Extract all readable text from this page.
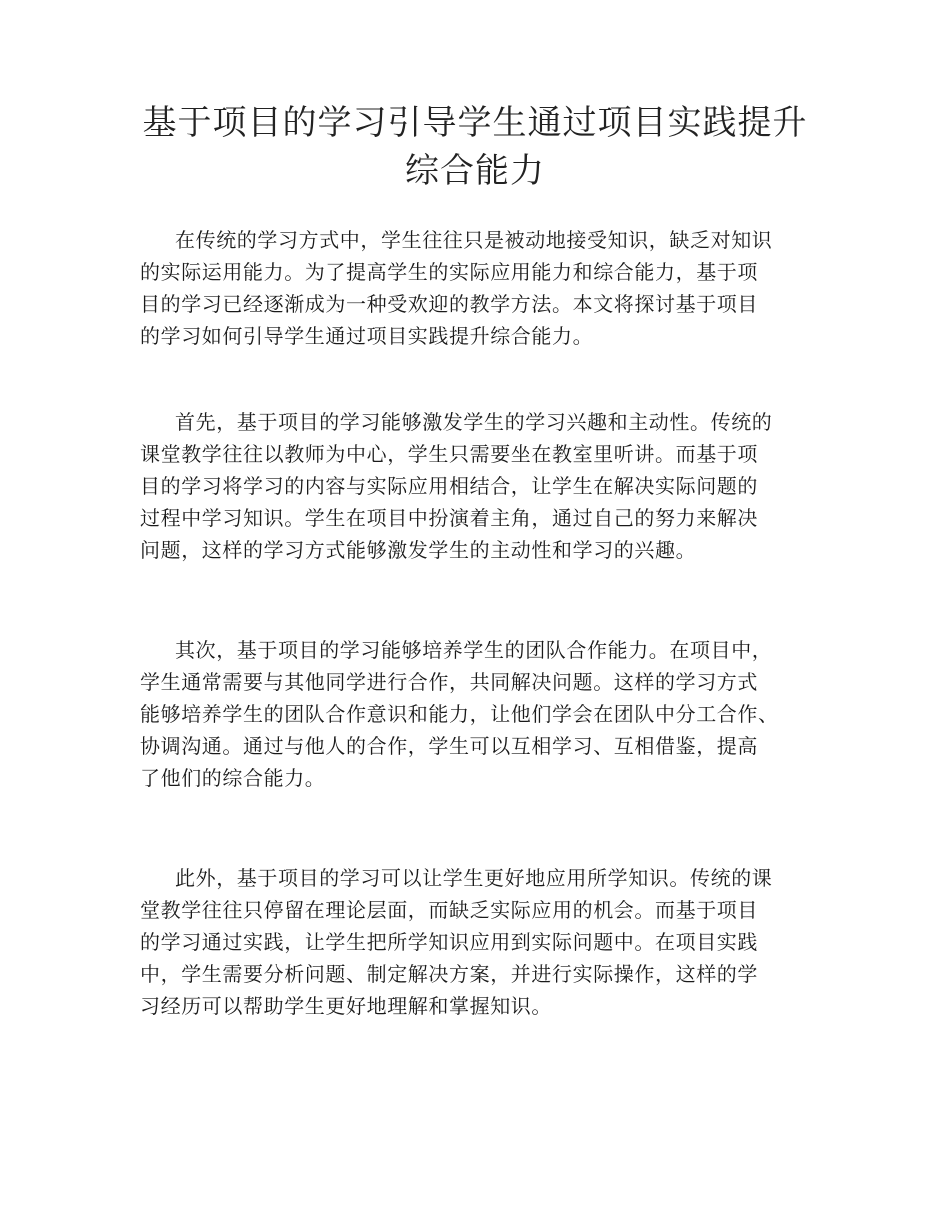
基于项目的学习引导学生通过项目实践提升
综合能力
在传统的学习方式中，学生往往只是被动地接受知识，缺乏对知识
的实际运用能力。为了提高学生的实际应用能力和综合能力，基于项
目的学习已经逐渐成为一种受欢迎的教学方法。本文将探讨基于项目
的学习如何引导学生通过项目实践提升综合能力。
首先，基于项目的学习能够激发学生的学习兴趣和主动性。传统的
课堂教学往往以教师为中心，学生只需要坐在教室里听讲。而基于项
目的学习将学习的内容与实际应用相结合，让学生在解决实际问题的
过程中学习知识。学生在项目中扮演着主角，通过自己的努力来解决
问题，这样的学习方式能够激发学生的主动性和学习的兴趣。
其次，基于项目的学习能够培养学生的团队合作能力。在项目中，
学生通常需要与其他同学进行合作，共同解决问题。这样的学习方式
能够培养学生的团队合作意识和能力，让他们学会在团队中分工合作、
协调沟通。通过与他人的合作，学生可以互相学习、互相借鉴，提高
了他们的综合能力。
此外，基于项目的学习可以让学生更好地应用所学知识。传统的课
堂教学往往只停留在理论层面，而缺乏实际应用的机会。而基于项目
的学习通过实践，让学生把所学知识应用到实际问题中。在项目实践
中，学生需要分析问题、制定解决方案，并进行实际操作，这样的学
习经历可以帮助学生更好地理解和掌握知识。
